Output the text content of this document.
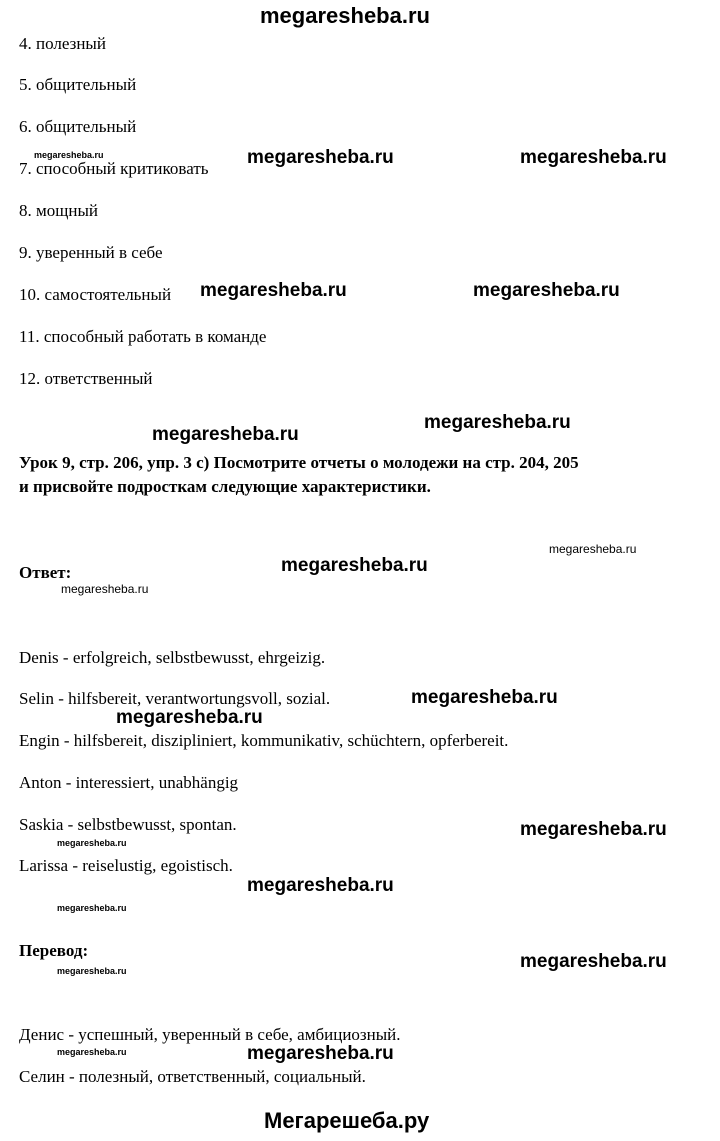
megaresheba.ru
4. полезный
5. общительный
6. общительный
7. способный критиковать
8. мощный
9. уверенный в себе
10. самостоятельный
11. способный работать в команде
12. ответственный
Урок 9, стр. 206, упр. 3 с) Посмотрите отчеты о молодежи на стр. 204, 205
и присвойте подросткам следующие характеристики.
Ответ:
Denis - erfolgreich, selbstbewusst, ehrgeizig.
Selin - hilfsbereit, verantwortungsvoll, sozial.
Engin - hilfsbereit, diszipliniert, kommunikativ, schüchtern, opferbereit.
Anton - interessiert, unabhängig
Saskia - selbstbewusst, spontan.
Larissa - reiselustig, egoistisch.
Перевод:
Денис - успешный, уверенный в себе, амбициозный.
Селин - полезный, ответственный, социальный.
megaresheba.ru	megaresheba.ru	megaresheba.ru
megaresheba.ru	megaresheba.ru
megaresheba.ru
megaresheba.ru
megaresheba.ru
megaresheba.ru
megaresheba.ru
megaresheba.ru
megaresheba.ru
megaresheba.ru
megaresheba.ru
megaresheba.ru
megaresheba.ru
megaresheba.ru
megaresheba.ru
megaresheba.ru	megaresheba.ru
Мегарешеба.ру
